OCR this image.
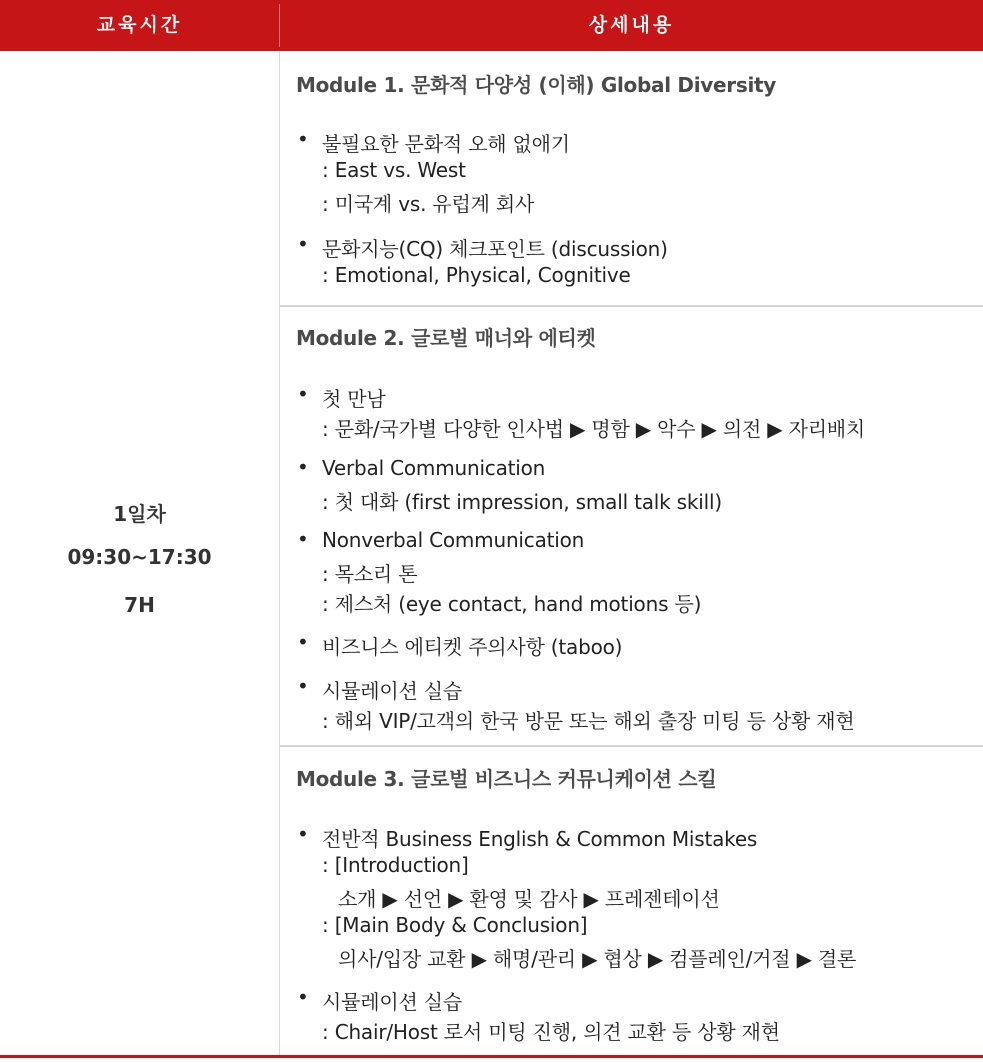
교육시간	상세내용
1일차
09:30~17:30
7H
Module 1. 문화적 다양성 (이해) Global Diversity
• 불필요한 문화적 오해 없애기
: East vs. West
: 미국계 vs. 유럽계 회사
• 문화지능(CQ) 체크포인트 (discussion)
: Emotional, Physical, Cognitive
Module 2. 글로벌 매너와 에티켓
• 첫 만남
: 문화/국가별 다양한 인사법 ▶ 명함 ▶ 악수 ▶ 의전 ▶ 자리배치
• Verbal Communication
: 첫 대화 (first impression, small talk skill)
• Nonverbal Communication
: 목소리 톤
: 제스처 (eye contact, hand motions 등)
• 비즈니스 에티켓 주의사항 (taboo)
• 시뮬레이션 실습
: 해외 VIP/고객의 한국 방문 또는 해외 출장 미팅 등 상황 재현
Module 3. 글로벌 비즈니스 커뮤니케이션 스킬
• 전반적 Business English & Common Mistakes
: [Introduction]
소개 ▶ 선언 ▶ 환영 및 감사 ▶ 프레젠테이션
: [Main Body & Conclusion]
의사/입장 교환 ▶ 해명/관리 ▶ 협상 ▶ 컴플레인/거절 ▶ 결론
• 시뮬레이션 실습
: Chair/Host 로서 미팅 진행, 의견 교환 등 상황 재현
